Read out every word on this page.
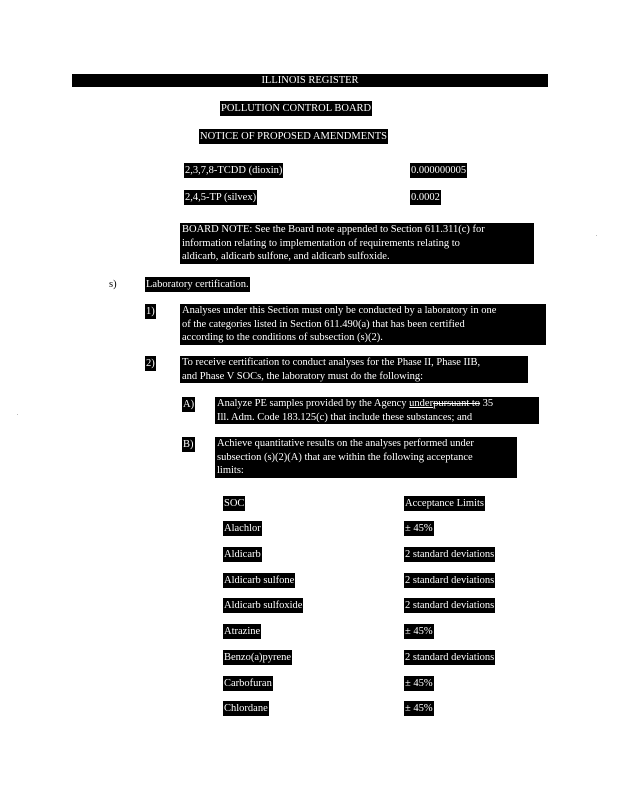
ILLINOIS REGISTER
POLLUTION CONTROL BOARD
NOTICE OF PROPOSED AMENDMENTS
2,3,7,8-TCDD (dioxin)	0.000000005
2,4,5-TP (silvex)	0.0002
BOARD NOTE: See the Board note appended to Section 611.311(c) for
information relating to implementation of requirements relating to
aldicarb, aldicarb sulfone, and aldicarb sulfoxide.
s)	Laboratory certification.
1)	Analyses under this Section must only be conducted by a laboratory in one
of the categories listed in Section 611.490(a) that has been certified
according to the conditions of subsection (s)(2).
2)	To receive certification to conduct analyses for the Phase II, Phase IIB,
and Phase V SOCs, the laboratory must do the following:
A) Analyze PE samples provided by the Agency underpursuant to 35
Ill. Adm. Code 183.125(c) that include these substances; and
B) Achieve quantitative results on the analyses performed under
subsection (s)(2)(A) that are within the following acceptance
limits:
SOC	Acceptance Limits
Alachlor	± 45%
Aldicarb	2 standard deviations
Aldicarb sulfone	2 standard deviations
Aldicarb sulfoxide	2 standard deviations
Atrazine	± 45%
Benzo(a)pyrene	2 standard deviations
Carbofuran	± 45%
Chlordane	± 45%
